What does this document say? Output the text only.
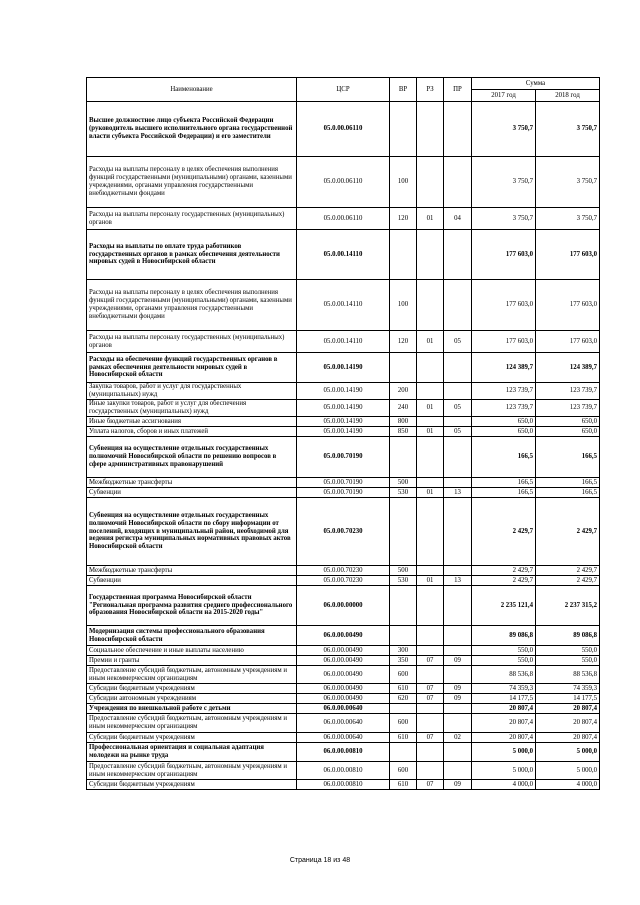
Наименование	ЦСР	ВР	РЗ	ПР	Сумма	
					2017 год	2018 год
Высшее должностное лицо субъекта Российской Федерации (руководитель высшего исполнительного органа государственной власти субъекта Российской Федерации) и его заместители	05.0.00.06110				3 750,7	3 750,7
Расходы на выплаты персоналу в целях обеспечения выполнения функций государственными (муниципальными) органами, казенными учреждениями, органами управления государственными внебюджетными фондами	05.0.00.06110	100			3 750,7	3 750,7
Расходы на выплаты персоналу государственных (муниципальных) органов	05.0.00.06110	120	01	04	3 750,7	3 750,7
Расходы на выплаты по оплате труда работников государственных органов в рамках обеспечения деятельности мировых судей в Новосибирской области	05.0.00.14110				177 603,0	177 603,0
Расходы на выплаты персоналу в целях обеспечения выполнения функций государственными (муниципальными) органами, казенными учреждениями, органами управления государственными внебюджетными фондами	05.0.00.14110	100			177 603,0	177 603,0
Расходы на выплаты персоналу государственных (муниципальных) органов	05.0.00.14110	120	01	05	177 603,0	177 603,0
Расходы на обеспечение функций государственных органов в рамках обеспечения деятельности мировых судей в Новосибирской области	05.0.00.14190				124 389,7	124 389,7
Закупка товаров, работ и услуг для государственных (муниципальных) нужд	05.0.00.14190	200			123 739,7	123 739,7
Иные закупки товаров, работ и услуг для обеспечения государственных (муниципальных) нужд	05.0.00.14190	240	01	05	123 739,7	123 739,7
Иные бюджетные ассигнования	05.0.00.14190	800			650,0	650,0
Уплата налогов, сборов и иных платежей	05.0.00.14190	850	01	05	650,0	650,0
Субвенция на осуществление отдельных государственных полномочий Новосибирской области по решению вопросов в сфере административных правонарушений	05.0.00.70190				166,5	166,5
Межбюджетные трансферты	05.0.00.70190	500			166,5	166,5
Субвенции	05.0.00.70190	530	01	13	166,5	166,5
Субвенция на осуществление отдельных государственных полномочий Новосибирской области по сбору информации от поселений, входящих в муниципальный район, необходимой для ведения регистра муниципальных нормативных правовых актов Новосибирской области	05.0.00.70230				2 429,7	2 429,7
Межбюджетные трансферты	05.0.00.70230	500			2 429,7	2 429,7
Субвенции	05.0.00.70230	530	01	13	2 429,7	2 429,7
Государственная программа Новосибирской области "Региональная программа развития среднего профессионального образования Новосибирской области на 2015-2020 годы"	06.0.00.00000				2 235 121,4	2 237 315,2
Модернизация системы профессионального образования Новосибирской области	06.0.00.00490				89 086,8	89 086,8
Социальное обеспечение и иные выплаты населению	06.0.00.00490	300			550,0	550,0
Премии и гранты	06.0.00.00490	350	07	09	550,0	550,0
Предоставление субсидий бюджетным, автономным учреждениям и иным некоммерческим организациям	06.0.00.00490	600			88 536,8	88 536,8
Субсидии бюджетным учреждениям	06.0.00.00490	610	07	09	74 359,3	74 359,3
Субсидии автономным учреждениям	06.0.00.00490	620	07	09	14 177,5	14 177,5
Учреждения по внешкольной работе с детьми	06.0.00.00640				20 807,4	20 807,4
Предоставление субсидий бюджетным, автономным учреждениям и иным некоммерческим организациям	06.0.00.00640	600			20 807,4	20 807,4
Субсидии бюджетным учреждениям	06.0.00.00640	610	07	02	20 807,4	20 807,4
Профессиональная ориентация и социальная адаптация молодежи на рынке труда	06.0.00.00810				5 000,0	5 000,0
Предоставление субсидий бюджетным, автономным учреждениям и иным некоммерческим организациям	06.0.00.00810	600			5 000,0	5 000,0
Субсидии бюджетным учреждениям	06.0.00.00810	610	07	09	4 000,0	4 000,0
Страница 18 из 48
